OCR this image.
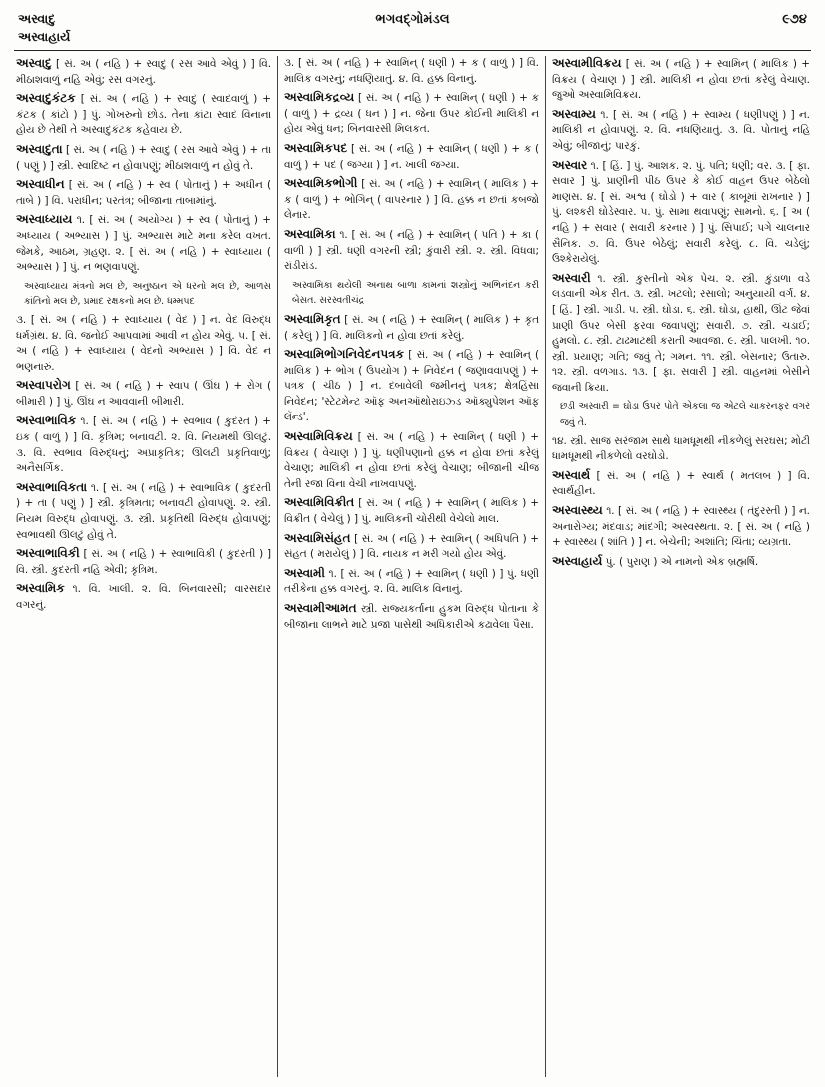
અસ્વાદુ
અસ્વાહાર્ય
ભગવદ્ગોમંડલ	૯૭૪

અસ્વાદુ [ સં. અ ( નહિ ) + સ્વાદુ ( રસ આવે એવું ) ] વિ. મીઠાશવાળું નહિ એવું; રસ વગરનું.

અસ્વાદુકંટક [ સં. અ ( નહિ ) + સ્વાદુ ( સ્વાદવાળું ) + કંટક ( કાંટો ) ] પું. ગોખરુનો છોડ. તેના કાંટા સ્વાદ વિનાના હોય છે તેથી તે અસ્વાદુકંટક કહેવાય છે.

અસ્વાદુતા [ સં. અ ( નહિ ) + સ્વાદુ ( રસ આવે એવું ) + તા ( પણું ) ] સ્ત્રી. સ્વાદિષ્ટ ન હોવાપણું; મીઠાશવાળું ન હોવું તે.

અસ્વાધીન [ સં. અ ( નહિ ) + સ્વ ( પોતાનું ) + અધીન ( તાબે ) ] વિ. પરાધીન; પરતંત્ર; બીજાના તાબામાંનું.

અસ્વાધ્યાય ૧. [ સં. અ ( અયોગ્ય ) + સ્વ ( પોતાનું ) + અધ્યાય ( અભ્યાસ ) ] પું. અભ્યાસ માટે મના કરેલ વખત. જેમકે, આઠમ, ગ્રહણ. ૨. [ સં. અ ( નહિ ) + સ્વાધ્યાય ( અભ્યાસ ) ] પું. ન ભણવાપણું.

અસ્વાધ્યાય મંત્રનો મલ છે, અનુષ્ઠાન એ ધરનો મલ છે, આળસ કાંતિનો મલ છે, પ્રમાદ રક્ષકનો મલ છે. ધમ્મપદ

૩. [ સં. અ ( નહિ ) + સ્વાધ્યાય ( વેદ ) ] ન. વેદ વિરુદ્ધ ધર્મગ્રંથ. ૪. વિ. જનોઈ આપવામાં આવી ન હોય એવું. ૫. [ સં. અ ( નહિ ) + સ્વાધ્યાય ( વેદનો અભ્યાસ ) ] વિ. વેદ ન ભણનારું.

અસ્વાપરોગ [ સં. અ ( નહિ ) + સ્વાપ ( ઊંઘ ) + રોગ ( બીમારી ) ] પું. ઊંઘ ન આવવાની બીમારી.

અસ્વાભાવિક ૧. [ સં. અ ( નહિ ) + સ્વભાવ ( કુદરત ) + ઇક ( વાળું ) ] વિ. કૃત્રિમ; બનાવટી. ૨. વિ. નિયમથી ઊલટું. ૩. વિ. સ્વભાવ વિરુદ્ધનું; અપ્રાકૃતિક; ઊલટી પ્રકૃતિવાળું; અનૈસર્ગિક.

અસ્વાભાવિકતા ૧. [ સં. અ ( નહિ ) + સ્વાભાવિક ( કુદરતી ) + તા ( પણું ) ] સ્ત્રી. કૃત્રિમતા; બનાવટી હોવાપણું. ૨. સ્ત્રી. નિયમ વિરુદ્ધ હોવાપણું. ૩. સ્ત્રી. પ્રકૃતિથી વિરુદ્ધ હોવાપણું; સ્વભાવથી ઊલટું હોવું તે.

અસ્વાભાવિકી [ સં. અ ( નહિ ) + સ્વાભાવિકી ( કુદરતી ) ] વિ. સ્ત્રી. કુદરતી નહિ એવી; કૃત્રિમ.

અસ્વામિક ૧. વિ. ખાલી. ૨. વિ. બિનવારસી; વારસદાર વગરનું.

૩. [ સં. અ ( નહિ ) + સ્વામિન્ ( ધણી ) + ક ( વાળું ) ] વિ. માલિક વગરનું; નધણિયાતું. ૪. વિ. હક્ક વિનાનું.

અસ્વામિકદ્રવ્ય [ સં. અ ( નહિ ) + સ્વામિન્ ( ધણી ) + ક ( વાળું ) + દ્રવ્ય ( ધન ) ] ન. જેના ઉપર કોઈની માલિકી ન હોય એવું ધન; બિનવારસી મિલકત.

અસ્વામિકપદ [ સં. અ ( નહિ ) + સ્વામિન્ ( ધણી ) + ક ( વાળું ) + પદ ( જગ્યા ) ] ન. ખાલી જગ્યા.

અસ્વામિકભોગી [ સં. અ ( નહિ ) + સ્વામિન્ ( માલિક ) + ક ( વાળું ) + ભોગિન્ ( વાપરનાર ) ] વિ. હક્ક ન છતાં કબજો લેનાર.

અસ્વામિકા ૧. [ સં. અ ( નહિ ) + સ્વામિન્ ( પતિ ) + કા ( વાળી ) ] સ્ત્રી. ધણી વગરની સ્ત્રી; કુંવારી સ્ત્રી. ૨. સ્ત્રી. વિધવા; રાંડીરાંડ.

અસ્વામિકા થયેલી અનાથ બાળા કામનાં શસ્ત્રોનું અભિનંદન કરી બેસત. સરસ્વતીચંદ્ર

અસ્વામિકૃત [ સં. અ ( નહિ ) + સ્વામિન્ ( માલિક ) + કૃત ( કરેલું ) ] વિ. માલિકનો ન હોવા છતાં કરેલું.

અસ્વામિભોગનિવેદનપત્રક [ સં. અ ( નહિ ) + સ્વામિન્ ( માલિક ) + ભોગ ( ઉપયોગ ) + નિવેદન ( જણાવવાપણું ) + પત્રક ( ચીઠ ) ] ન. દબાવેલી જમીનનું પત્રક; ક્ષેત્રહિંસા નિવેદન; 'સ્ટેટમેન્ટ ઑફ અનઑથોરાઇઝ્ડ ઑક્યુપેશન ઑફ લૅન્ડ'.

અસ્વામિવિક્રય [ સં. અ ( નહિ ) + સ્વામિન્ ( ધણી ) + વિક્રય ( વેચાણ ) ] પું. ધણીપણાનો હક્ક ન હોવા છતાં કરેલું વેચાણ; માલિકી ન હોવા છતાં કરેલું વેચાણ; બીજાની ચીજ તેની રજા વિના વેચી નાખવાપણું.

અસ્વામિવિક્રીત [ સં. અ ( નહિ ) + સ્વામિન્ ( માલિક ) + વિક્રીત ( વેચેલું ) ] પું. માલિકની ચોરીથી વેચેલો માલ.

અસ્વામિસંહત [ સં. અ ( નહિ ) + સ્વામિન્ ( અધિપતિ ) + સંહત ( મરાયેલું ) ] વિ. નાયક ન મરી ગયો હોય એવું.

અસ્વામી ૧. [ સં. અ ( નહિ ) + સ્વામિન્ ( ધણી ) ] પું. ધણી તરીકેના હક્ક વગરનું. ૨. વિ. માલિક વિનાનું.

અસ્વામીઆમત સ્ત્રી. રાજ્યકર્તાના હુકમ વિરુદ્ધ પોતાના કે બીજાના લાભને માટે પ્રજા પાસેથી અધિકારીએ કઢાવેલા પૈસા.

અસ્વામીવિક્રય [ સં. અ ( નહિ ) + સ્વામિન્ ( માલિક ) + વિક્રય ( વેચાણ ) ] સ્ત્રી. માલિકી ન હોવા છતાં કરેલું વેચાણ. જુઓ અસ્વામિવિક્રય.

અસ્વામ્ય ૧. [ સં. અ ( નહિ ) + સ્વામ્ય ( ધણીપણું ) ] ન. માલિકી ન હોવાપણું. ૨. વિ. નધણિયાતું. ૩. વિ. પોતાનું નહિ એવું; બીજાનું; પારકું.

અસ્વાર ૧. [ હિં. ] પું. આશક. ૨. પું. પતિ; ધણી; વર. ૩. [ ફા. સવાર ] પું. પ્રાણીની પીઠ ઉપર કે કોઈ વાહન ઉપર બેઠેલો માણસ. ૪. [ સં. અશ્વ ( ઘોડો ) + વાર ( કાબૂમાં રાખનાર ) ] પું. લશ્કરી ઘોડેસ્વાર. ૫. પું. સામા થવાપણું; સામનો. ૬. [ અ ( નહિ ) + સવાર ( સવારી કરનાર ) ] પું. સિપાઈ; પગે ચાલનાર સૈનિક. ૭. વિ. ઉપર બેઠેલું; સવારી કરેલું. ૮. વિ. ચડેલું; ઉશ્કેરાયેલું.

અસ્વારી ૧. સ્ત્રી. કુસ્તીનો એક પેચ. ૨. સ્ત્રી. કુંડાળા વડે લડવાની એક રીત. ૩. સ્ત્રી. ખટલો; રસાલો; અનુયાયી વર્ગ. ૪. [ હિં. ] સ્ત્રી. ગાડી. ૫. સ્ત્રી. ઘોડા. ૬. સ્ત્રી. ઘોડા, હાથી, ઊંટ જેવાં પ્રાણી ઉપર બેસી ફરવા જવાપણું; સવારી. ૭. સ્ત્રી. ચડાઈ; હુમલો. ૮. સ્ત્રી. ટાઢમાટથી કરાતી આવજા. ૯. સ્ત્રી. પાલખી. ૧૦. સ્ત્રી. પ્રયાણ; ગતિ; જવું તે; ગમન. ૧૧. સ્ત્રી. બેસનાર; ઉતારુ. ૧૨. સ્ત્રી. વળગાડ. ૧૩. [ ફા. સવારી ] સ્ત્રી. વાહનમાં બેસીને જવાની ક્રિયા.

છડી અસ્વારી = ઘોડા ઉપર પોતે એકલા જ એટલે ચાકરનફર વગર જવું તે.

૧૪. સ્ત્રી. સાજ સરંજામ સાથે ધામધૂમથી નીકળેલું સરઘસ; મોટી ધામધૂમથી નીકળેલો વરઘોડો.

અસ્વાર્થ [ સં. અ ( નહિ ) + સ્વાર્થ ( મતલબ ) ] વિ. સ્વાર્થહીન.

અસ્વાસ્થ્ય ૧. [ સં. અ ( નહિ ) + સ્વાસ્થ્ય ( તંદુરસ્તી ) ] ન. અનારોગ્ય; મંદવાડ; માંદગી; અસ્વસ્થતા. ૨. [ સં. અ ( નહિ ) + સ્વાસ્થ્ય ( શાંતિ ) ] ન. બેચેની; અશાંતિ; ચિંતા; વ્યગ્રતા.

અસ્વાહાર્ય પું. ( પુરાણ ) એ નામનો એક બ્રહ્મર્ષિ.
